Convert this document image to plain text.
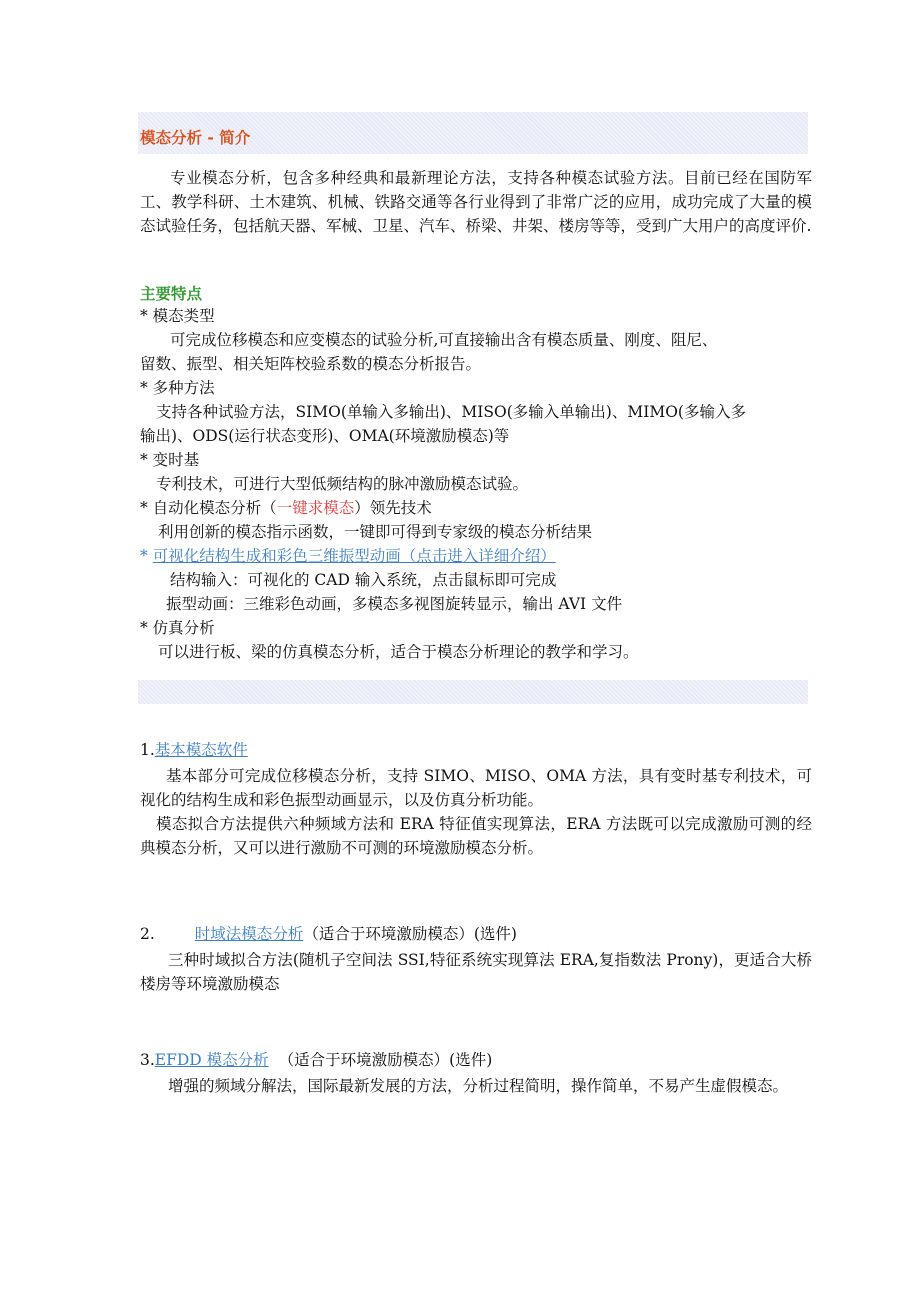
模态分析 - 简介
专业模态分析，包含多种经典和最新理论方法，支持各种模态试验方法。目前已经在国防军工、教学科研、土木建筑、机械、铁路交通等各行业得到了非常广泛的应用，成功完成了大量的模态试验任务，包括航天器、军械、卫星、汽车、桥梁、井架、楼房等等，受到广大用户的高度评价.
主要特点
* 模态类型
可完成位移模态和应变模态的试验分析,可直接输出含有模态质量、刚度、阻尼、
留数、振型、相关矩阵校验系数的模态分析报告。
* 多种方法
支持各种试验方法，SIMO(单输入多输出)、MISO(多输入单输出)、MIMO(多输入多
输出)、ODS(运行状态变形)、OMA(环境激励模态)等
* 变时基
专利技术，可进行大型低频结构的脉冲激励模态试验。
* 自动化模态分析（一键求模态）领先技术
利用创新的模态指示函数，一键即可得到专家级的模态分析结果
* 可视化结构生成和彩色三维振型动画（点击进入详细介绍）
结构输入：可视化的 CAD 输入系统，点击鼠标即可完成
振型动画：三维彩色动画，多模态多视图旋转显示，输出 AVI 文件
* 仿真分析
可以进行板、梁的仿真模态分析，适合于模态分析理论的教学和学习。
1.基本模态软件
基本部分可完成位移模态分析，支持 SIMO、MISO、OMA 方法，具有变时基专利技术，可视化的结构生成和彩色振型动画显示，以及仿真分析功能。
模态拟合方法提供六种频域方法和 ERA 特征值实现算法，ERA 方法既可以完成激励可测的经典模态分析，又可以进行激励不可测的环境激励模态分析。
2.	时域法模态分析（适合于环境激励模态）(选件)
三种时域拟合方法(随机子空间法 SSI,特征系统实现算法 ERA,复指数法 Prony)，更适合大桥楼房等环境激励模态
3.EFDD 模态分析 （适合于环境激励模态）(选件)
增强的频域分解法，国际最新发展的方法，分析过程简明，操作简单，不易产生虚假模态。
